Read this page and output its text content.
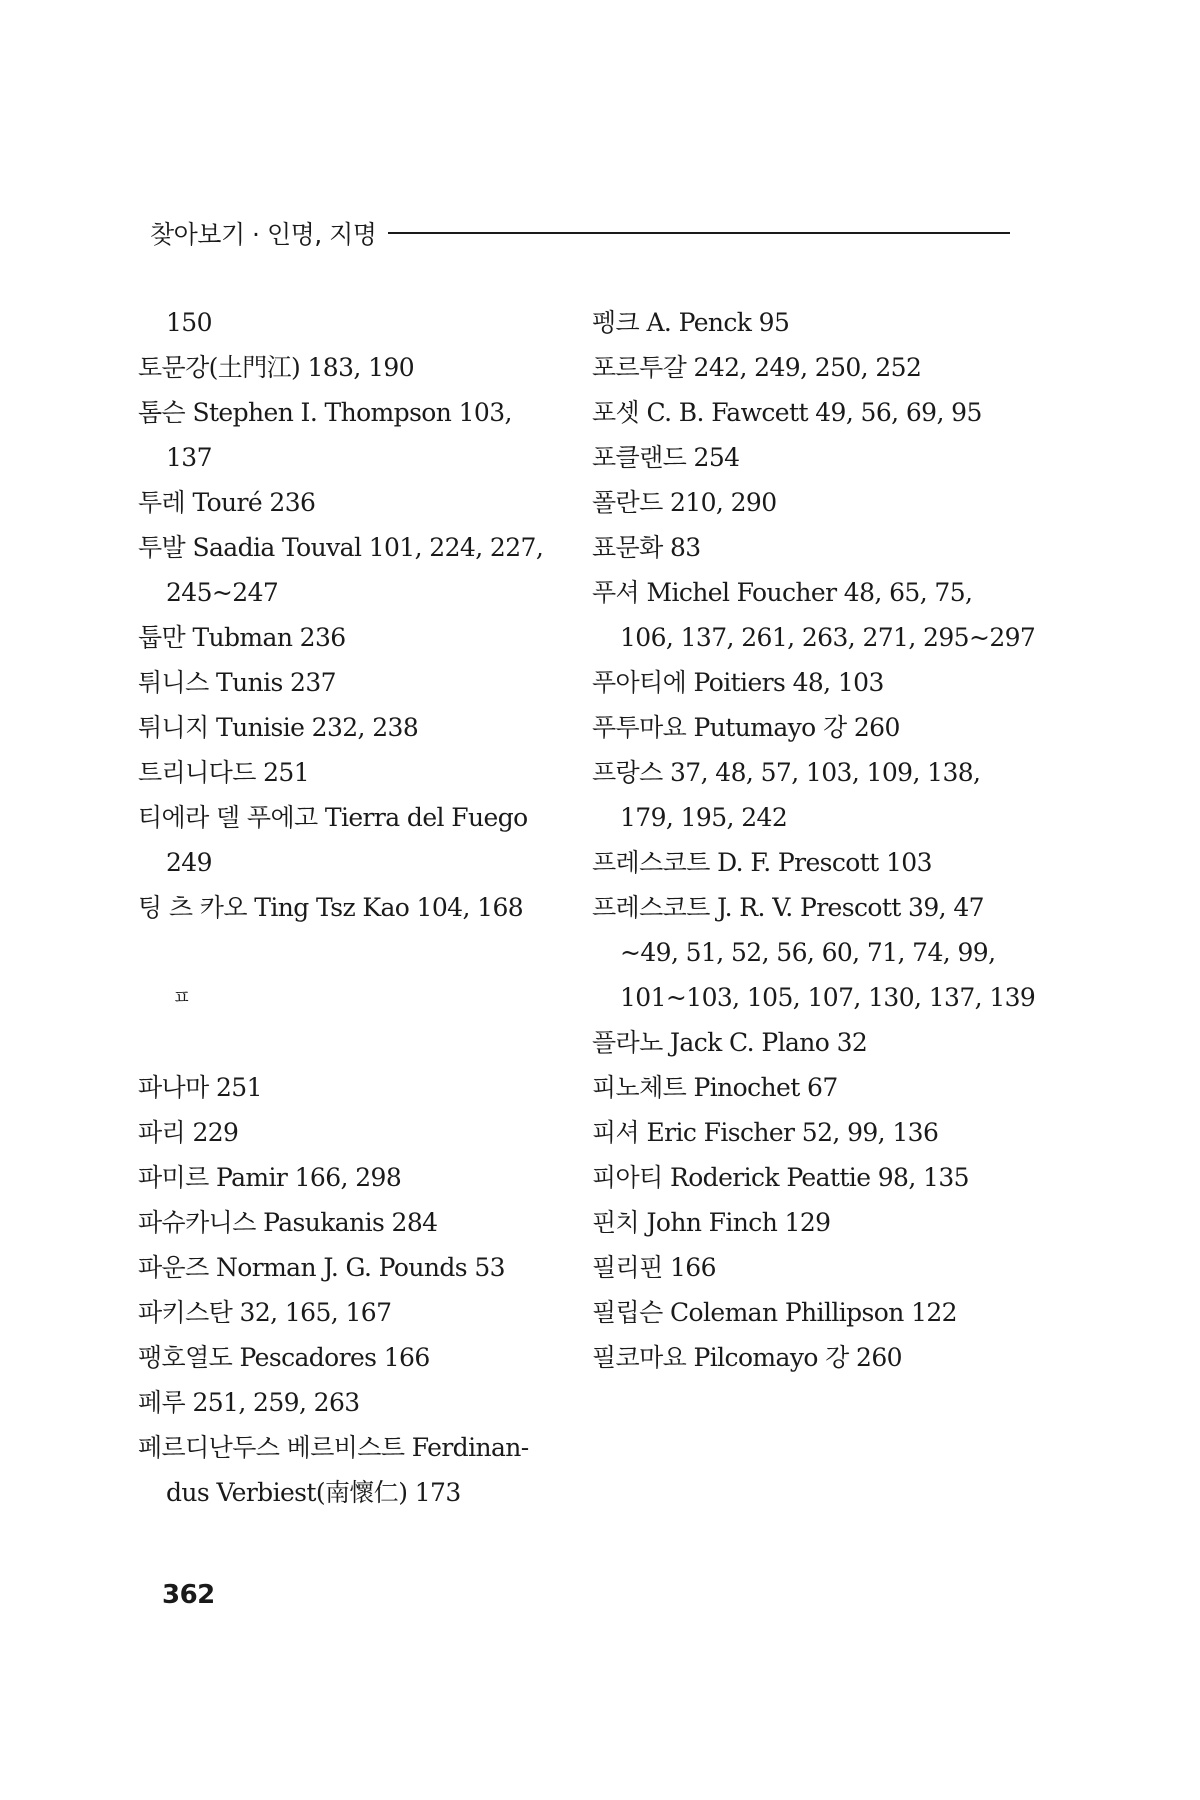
찾아보기 · 인명, 지명
150
토문강(土門江) 183, 190
톰슨 Stephen I. Thompson 103,
137
투레 Touré 236
투발 Saadia Touval 101, 224, 227,
245~247
툽만 Tubman 236
튀니스 Tunis 237
튀니지 Tunisie 232, 238
트리니다드 251
티에라 델 푸에고 Tierra del Fuego
249
팅 츠 카오 Ting Tsz Kao 104, 168
ㅍ
파나마 251
파리 229
파미르 Pamir 166, 298
파슈카니스 Pasukanis 284
파운즈 Norman J. G. Pounds 53
파키스탄 32, 165, 167
팽호열도 Pescadores 166
페루 251, 259, 263
페르디난두스 베르비스트 Ferdinan-
dus Verbiest(南懷仁) 173
펭크 A. Penck 95
포르투갈 242, 249, 250, 252
포셋 C. B. Fawcett 49, 56, 69, 95
포클랜드 254
폴란드 210, 290
표문화 83
푸셔 Michel Foucher 48, 65, 75,
106, 137, 261, 263, 271, 295~297
푸아티에 Poitiers 48, 103
푸투마요 Putumayo 강 260
프랑스 37, 48, 57, 103, 109, 138,
179, 195, 242
프레스코트 D. F. Prescott 103
프레스코트 J. R. V. Prescott 39, 47
~49, 51, 52, 56, 60, 71, 74, 99,
101~103, 105, 107, 130, 137, 139
플라노 Jack C. Plano 32
피노체트 Pinochet 67
피셔 Eric Fischer 52, 99, 136
피아티 Roderick Peattie 98, 135
핀치 John Finch 129
필리핀 166
필립슨 Coleman Phillipson 122
필코마요 Pilcomayo 강 260
362
